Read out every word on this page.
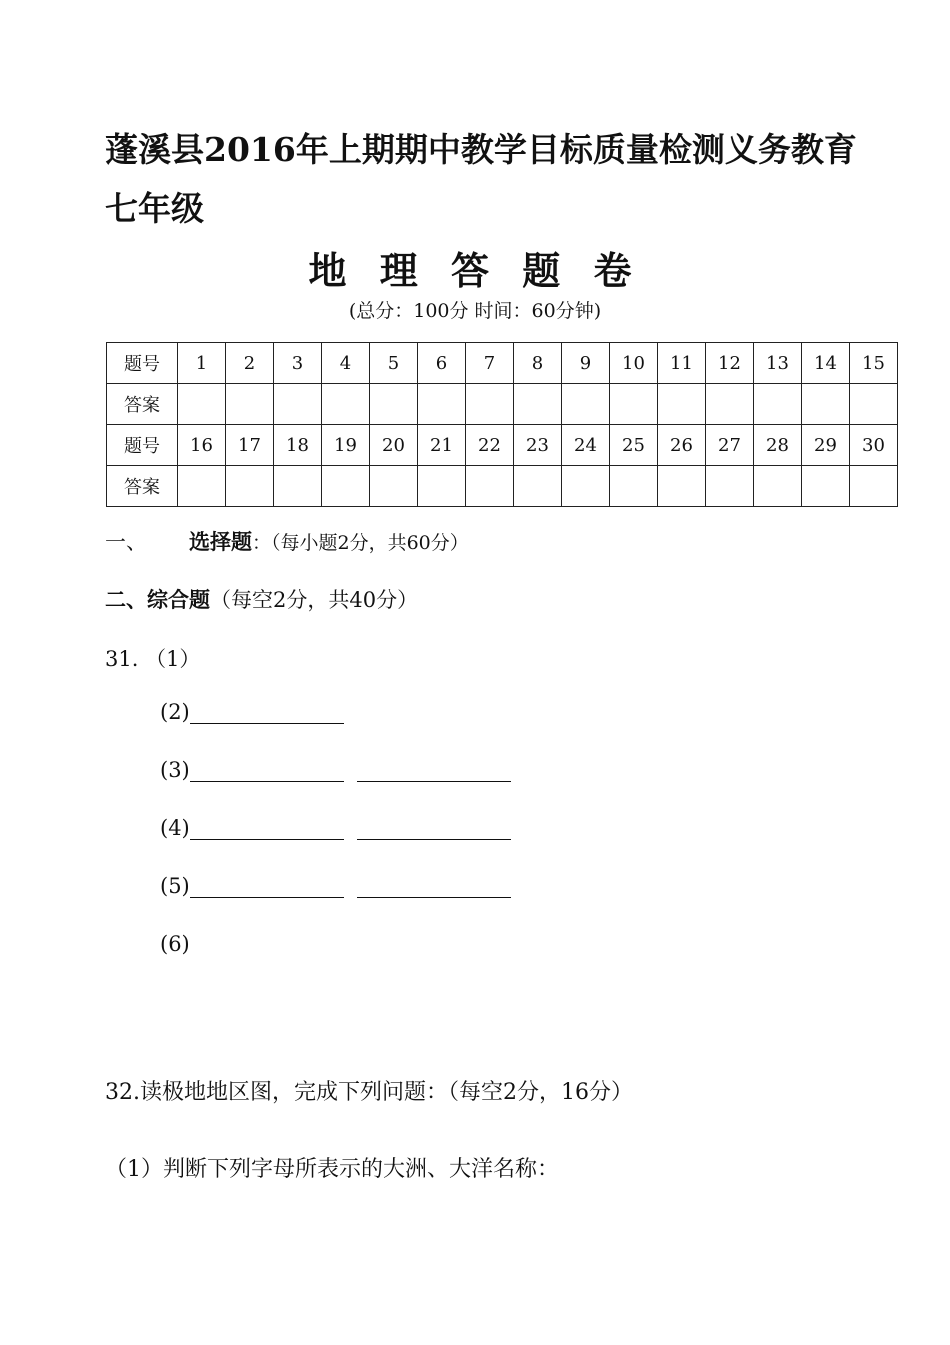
蓬溪县2016年上期期中教学目标质量检测义务教育
七年级
地 理 答 题 卷
(总分：100分 时间：60分钟)
题号	1	2	3	4	5	6	7	8	9	10	11	12	13	14	15
答案															
题号	16	17	18	19	20	21	22	23	24	25	26	27	28	29	30
答案															
一、 选择题：（每小题2分，共60分）
二、综合题（每空2分，共40分）
31. （1）
(2)
(3)
(4)
(5)
(6)
32.读极地地区图，完成下列问题：（每空2分，16分）
（1）判断下列字母所表示的大洲、大洋名称：
